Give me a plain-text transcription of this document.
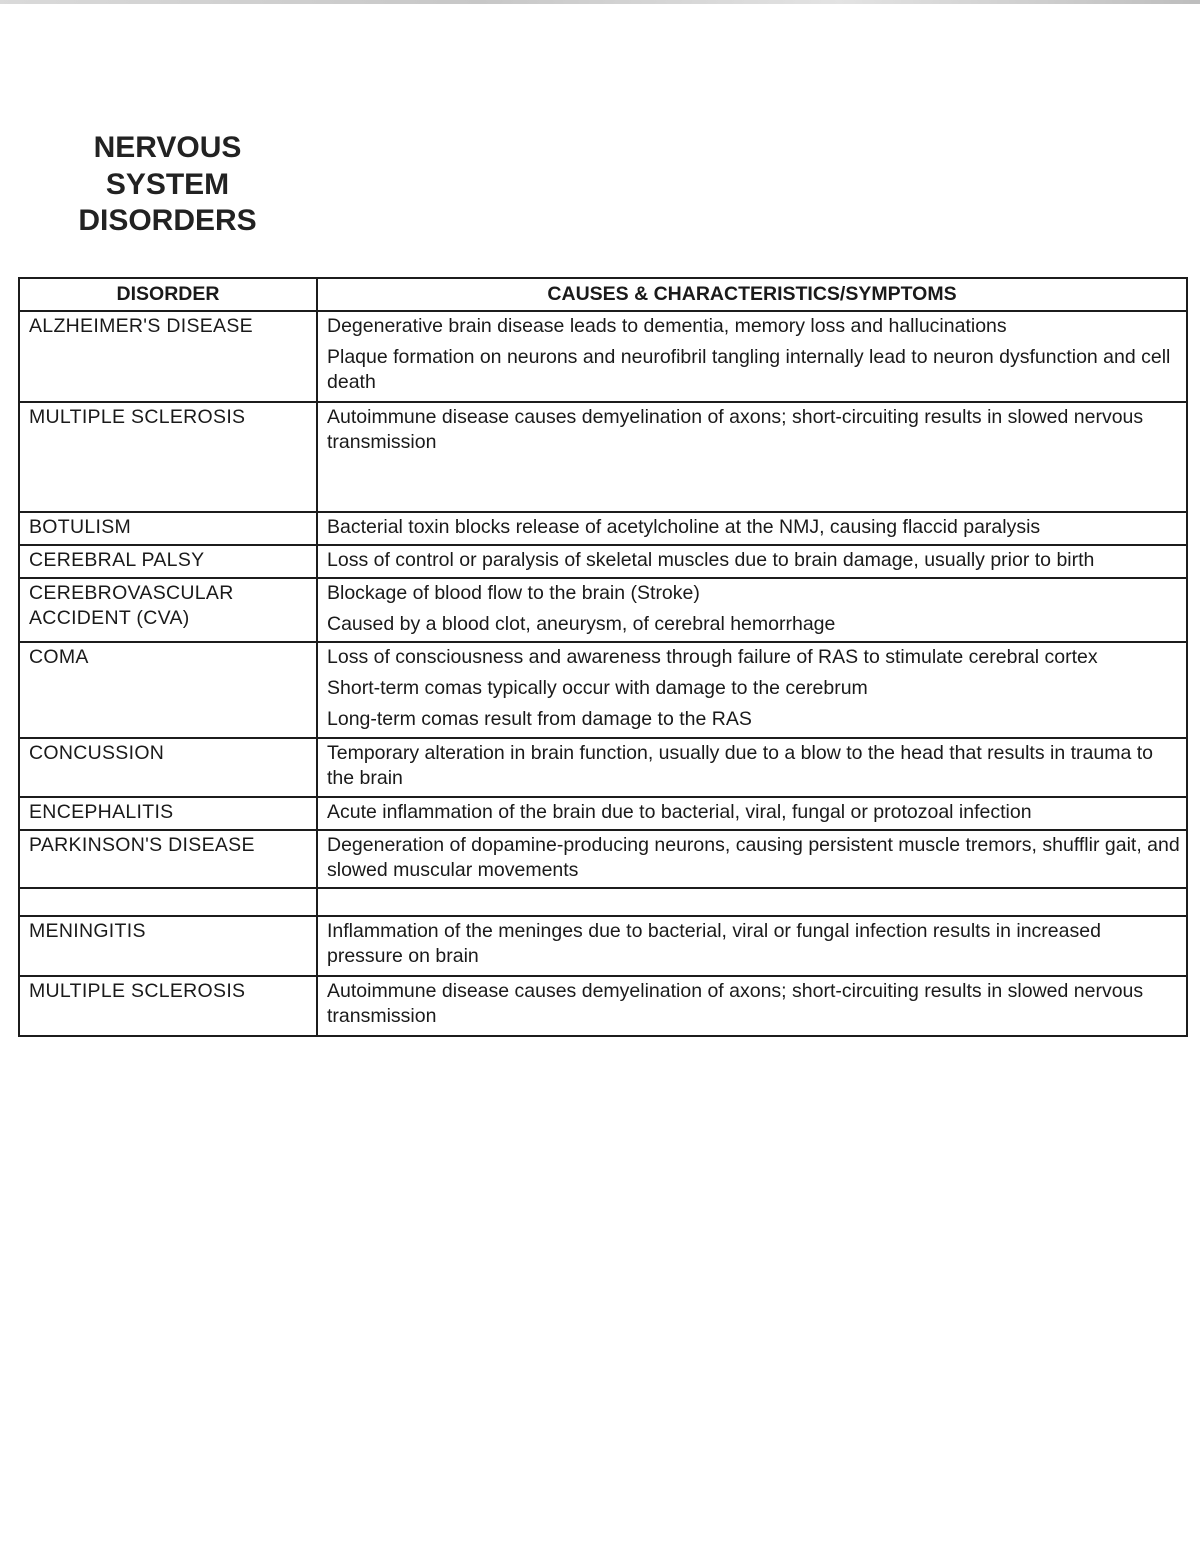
NERVOUS
SYSTEM
DISORDERS
DISORDER	CAUSES & CHARACTERISTICS/SYMPTOMS
ALZHEIMER'S DISEASE	Degenerative brain disease leads to dementia, memory loss and hallucinations
Plaque formation on neurons and neurofibril tangling internally lead to neuron dysfunction and cell death

MULTIPLE SCLEROSIS	Autoimmune disease causes demyelination of axons; short-circuiting results in slowed nervous transmission

BOTULISM	Bacterial toxin blocks release of acetylcholine at the NMJ, causing flaccid paralysis

CEREBRAL PALSY	Loss of control or paralysis of skeletal muscles due to brain damage, usually prior to birth

CEREBROVASCULAR ACCIDENT (CVA)	Blockage of blood flow to the brain (Stroke)
Caused by a blood clot, aneurysm, of cerebral hemorrhage

COMA	Loss of consciousness and awareness through failure of RAS to stimulate cerebral cortex
Short-term comas typically occur with damage to the cerebrum
Long-term comas result from damage to the RAS

CONCUSSION	Temporary alteration in brain function, usually due to a blow to the head that results in trauma to the brain

ENCEPHALITIS	Acute inflammation of the brain due to bacterial, viral, fungal or protozoal infection

PARKINSON'S DISEASE	Degeneration of dopamine-producing neurons, causing persistent muscle tremors, shufflir gait, and slowed muscular movements

MENINGITIS	Inflammation of the meninges due to bacterial, viral or fungal infection results in increased pressure on brain

MULTIPLE SCLEROSIS	Autoimmune disease causes demyelination of axons; short-circuiting results in slowed nervous transmission
